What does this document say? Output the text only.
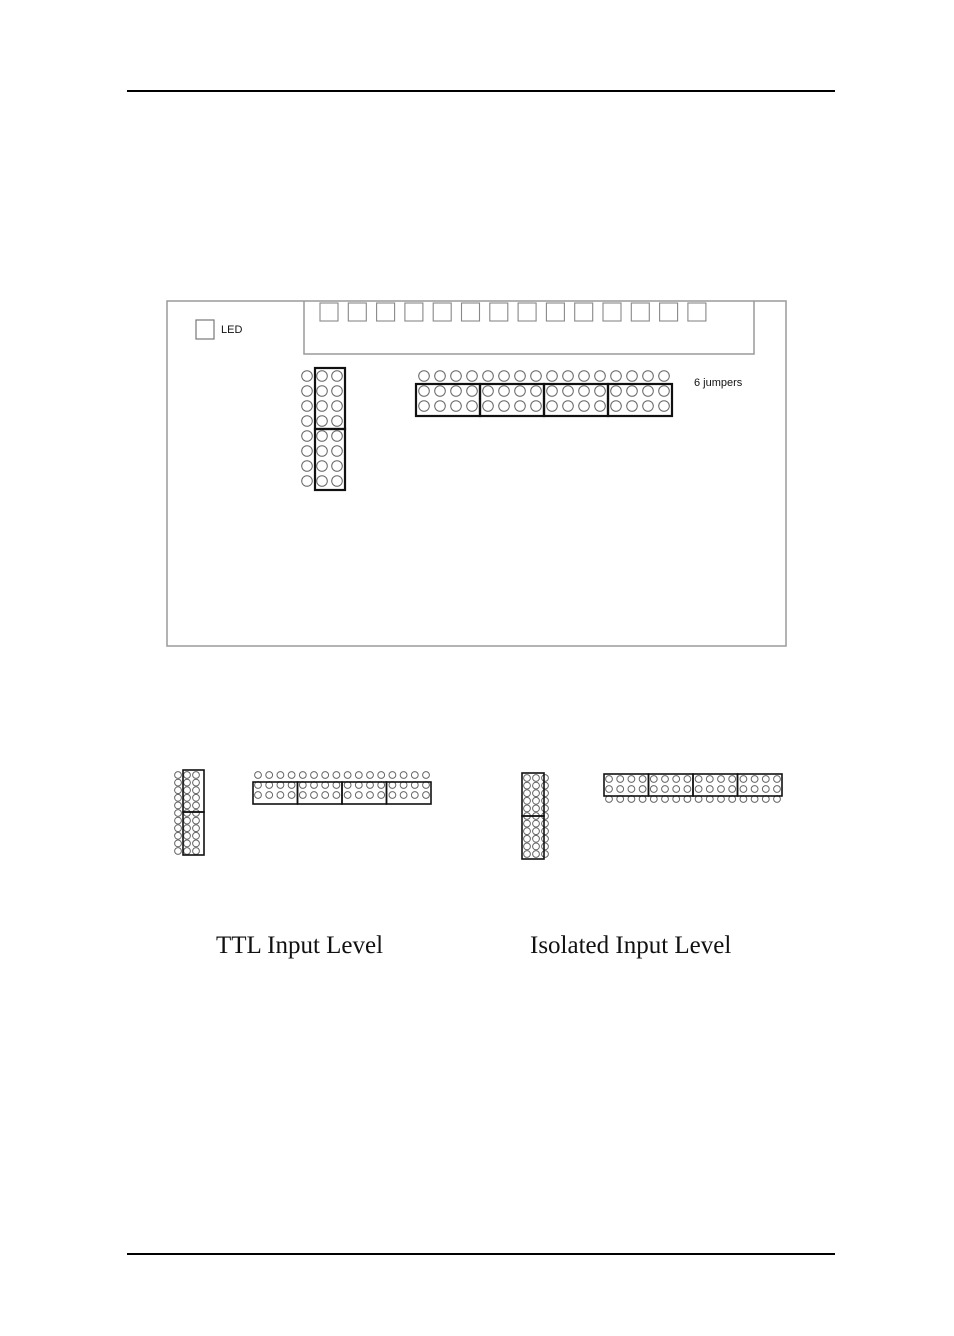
LED
6 jumpers
TTL Input Level	Isolated Input Level
